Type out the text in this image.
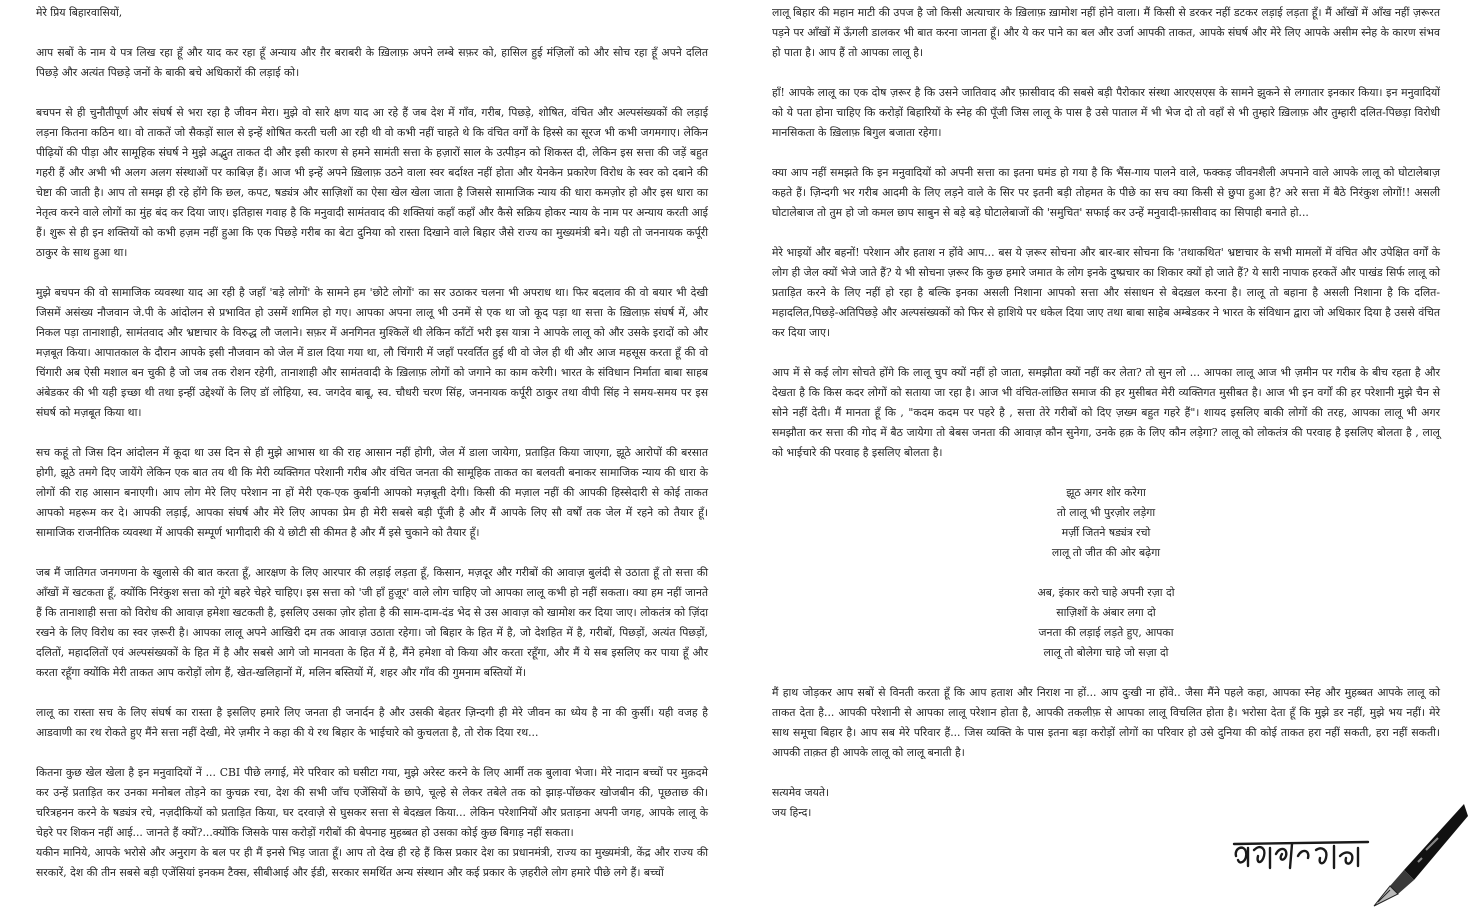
मेरे प्रिय बिहारवासियों,

आप सबों के नाम ये पत्र लिख रहा हूँ और याद कर रहा हूँ अन्याय और ग़ैर बराबरी के ख़िलाफ़ अपने लम्बे सफ़र को, हासिल हुई मंज़िलों को और सोच रहा हूँ अपने दलित पिछड़े और अत्यंत पिछड़े जनों के बाकी बचे अधिकारों की लड़ाई को।

बचपन से ही चुनौतीपूर्ण और संघर्ष से भरा रहा है जीवन मेरा। मुझे वो सारे क्षण याद आ रहे हैं जब देश में गाँव, गरीब, पिछड़े, शोषित, वंचित और अल्पसंख्यकों की लड़ाई लड़ना कितना कठिन था। वो ताकतें जो सैकड़ों साल से इन्हें शोषित करती चली आ रही थी वो कभी नहीं चाहते थे कि वंचित वर्गों के हिस्से का सूरज भी कभी जगमगाए। लेकिन पीढ़ियों की पीड़ा और सामूहिक संघर्ष ने मुझे अद्भुत ताकत दी और इसी कारण से हमने सामंती सत्ता के हज़ारों साल के उत्पीड़न को शिकस्त दी, लेकिन इस सत्ता की जड़ें बहुत गहरी हैं और अभी भी अलग अलग संस्थाओं पर काबिज़ हैं। आज भी इन्हें अपने ख़िलाफ़ उठने वाला स्वर बर्दाश्त नहीं होता और येनकेन प्रकारेण विरोध के स्वर को दबाने की चेष्टा की जाती है। आप तो समझ ही रहे होंगे कि छल, कपट, षड्यंत्र और साज़िशों का ऐसा खेल खेला जाता है जिससे सामाजिक न्याय की धारा कमज़ोर हो और इस धारा का नेतृत्व करने वाले लोगों का मुंह बंद कर दिया जाए। इतिहास गवाह है कि मनुवादी सामंतवाद की शक्तियां कहाँ कहाँ और कैसे सक्रिय होकर न्याय के नाम पर अन्याय करती आई हैं। शुरू से ही इन शक्तियों को कभी हज़म नहीं हुआ कि एक पिछड़े गरीब का बेटा दुनिया को रास्ता दिखाने वाले बिहार जैसे राज्य का मुख्यमंत्री बने। यही तो जननायक कर्पूरी ठाकुर के साथ हुआ था।

मुझे बचपन की वो सामाजिक व्यवस्था याद आ रही है जहाँ 'बड़े लोगों' के सामने हम 'छोटे लोगों' का सर उठाकर चलना भी अपराध था। फिर बदलाव की वो बयार भी देखी जिसमें असंख्य नौजवान जे.पी के आंदोलन से प्रभावित हो उसमें शामिल हो गए। आपका अपना लालू भी उनमें से एक था जो कूद पड़ा था सत्ता के ख़िलाफ़ संघर्ष में, और निकल पड़ा तानाशाही, सामंतवाद और भ्रष्टाचार के विरुद्ध लौ जलाने। सफ़र में अनगिनत मुश्किलें थी लेकिन काँटों भरी इस यात्रा ने आपके लालू को और उसके इरादों को और मज़बूत किया। आपातकाल के दौरान आपके इसी नौजवान को जेल में डाल दिया गया था, लौ चिंगारी में जहाँ परवर्तित हुई थी वो जेल ही थी और आज महसूस करता हूँ की वो चिंगारी अब ऐसी मशाल बन चुकी है जो जब तक रोशन रहेगी, तानाशाही और सामंतवादी के ख़िलाफ़ लोगों को जगाने का काम करेगी। भारत के संविधान निर्माता बाबा साहब अंबेडकर की भी यही इच्छा थी तथा इन्हीं उद्देश्यों के लिए डॉ लोहिया, स्व. जगदेव बाबू, स्व. चौधरी चरण सिंह, जननायक कर्पूरी ठाकुर तथा वीपी सिंह ने समय-समय पर इस संघर्ष को मज़बूत किया था।

सच कहूं तो जिस दिन आंदोलन में कूदा था उस दिन से ही मुझे आभास था की राह आसान नहीं होगी, जेल में डाला जायेगा, प्रताड़ित किया जाएगा, झूठे आरोपों की बरसात होगी, झूठे तमगे दिए जायेंगे लेकिन एक बात तय थी कि मेरी व्यक्तिगत परेशानी गरीब और वंचित जनता की सामूहिक ताकत का बलवती बनाकर सामाजिक न्याय की धारा के लोगों की राह आसान बनाएगी। आप लोग मेरे लिए परेशान ना हों मेरी एक-एक कुर्बानी आपको मज़बूती देगी। किसी की मज़ाल नहीं की आपकी हिस्सेदारी से कोई ताकत आपको महरूम कर दे। आपकी लड़ाई, आपका संघर्ष और मेरे लिए आपका प्रेम ही मेरी सबसे बड़ी पूँजी है और मैं आपके लिए सौ वर्षों तक जेल में रहने को तैयार हूँ। सामाजिक राजनीतिक व्यवस्था में आपकी सम्पूर्ण भागीदारी की ये छोटी सी कीमत है और मैं इसे चुकाने को तैयार हूँ।

जब मैं जातिगत जनगणना के खुलासे की बात करता हूँ, आरक्षण के लिए आरपार की लड़ाई लड़ता हूँ, किसान, मज़दूर और गरीबों की आवाज़ बुलंदी से उठाता हूँ तो सत्ता की आँखों में खटकता हूँ, क्योंकि निरंकुश सत्ता को गूंगे बहरे चेहरे चाहिए। इस सत्ता को 'जी हाँ हुज़ूर' वाले लोग चाहिए जो आपका लालू कभी हो नहीं सकता। क्या हम नहीं जानते हैं कि तानाशाही सत्ता को विरोध की आवाज़ हमेशा खटकती है, इसलिए उसका ज़ोर होता है की साम-दाम-दंड भेद से उस आवाज़ को खामोश कर दिया जाए। लोकतंत्र को ज़िंदा रखने के लिए विरोध का स्वर ज़रूरी है। आपका लालू अपने आखिरी दम तक आवाज़ उठाता रहेगा। जो बिहार के हित में है, जो देशहित में है, गरीबों, पिछड़ों, अत्यंत पिछड़ों, दलितों, महादलितों एवं अल्पसंख्यकों के हित में है और सबसे आगे जो मानवता के हित में है, मैंने हमेशा वो किया और करता रहूँगा, और मैं ये सब इसलिए कर पाया हूँ और करता रहूँगा क्योंकि मेरी ताकत आप करोड़ों लोग हैं, खेत-खलिहानों में, मलिन बस्तियों में, शहर और गाँव की गुमनाम बस्तियों में।

लालू का रास्ता सच के लिए संघर्ष का रास्ता है इसलिए हमारे लिए जनता ही जनार्दन है और उसकी बेहतर ज़िन्दगी ही मेरे जीवन का ध्येय है ना की कुर्सी। यही वजह है आडवाणी का रथ रोकते हुए मैंने सत्ता नहीं देखी, मेरे ज़मीर ने कहा की ये रथ बिहार के भाईचारे को कुचलता है, तो रोक दिया रथ...

कितना कुछ खेल खेला है इन मनुवादियों नें ... CBI पीछे लगाई, मेरे परिवार को घसीटा गया, मुझे अरेस्ट करने के लिए आर्मी तक बुलावा भेजा। मेरे नादान बच्चों पर मुक़दमे कर उन्हें प्रताड़ित कर उनका मनोबल तोड़ने का कुचक्र रचा, देश की सभी जाँच एजेंसियों के छापे, चूल्हे से लेकर तबेले तक को झाड़-पोंछकर खोजबीन की, पूछताछ की। चरित्रहनन करने के षड्यंत्र रचे, नज़दीकियों को प्रताड़ित किया, घर दरवाज़े से घुसकर सत्ता से बेदख़ल किया... लेकिन परेशानियों और प्रताड़ना अपनी जगह, आपके लालू के चेहरे पर शिकन नहीं आई... जानते हैं क्यों?...क्योंकि जिसके पास करोड़ों गरीबों की बेपनाह मुहब्बत हो उसका कोई कुछ बिगाड़ नहीं सकता।

यकीन मानिये, आपके भरोसे और अनुराग के बल पर ही मैं इनसे भिड़ जाता हूँ। आप तो देख ही रहे हैं किस प्रकार देश का प्रधानमंत्री, राज्य का मुख्यमंत्री, केंद्र और राज्य की सरकारें, देश की तीन सबसे बड़ी एजेंसियां इनकम टैक्स, सीबीआई और ईडी, सरकार समर्थित अन्य संस्थान और कई प्रकार के ज़हरीले लोग हमारे पीछे लगे हैं। बच्चों

लालू बिहार की महान माटी की उपज है जो किसी अत्याचार के ख़िलाफ़ ख़ामोश नहीं होने वाला। मैं किसी से डरकर नहीं डटकर लड़ाई लड़ता हूँ। मैं आँखों में आँख नहीं ज़रूरत पड़ने पर आँखों में ऊँगली डालकर भी बात करना जानता हूँ। और ये कर पाने का बल और उर्जा आपकी ताकत, आपके संघर्ष और मेरे लिए आपके असीम स्नेह के कारण संभव हो पाता है। आप हैं तो आपका लालू है।

हाँ! आपके लालू का एक दोष ज़रूर है कि उसने जातिवाद और फ़ासीवाद की सबसे बड़ी पैरोकार संस्था आरएसएस के सामने झुकने से लगातार इनकार किया। इन मनुवादियों को ये पता होना चाहिए कि करोड़ों बिहारियों के स्नेह की पूँजी जिस लालू के पास है उसे पाताल में भी भेज दो तो वहाँ से भी तुम्हारे ख़िलाफ़ और तुम्हारी दलित-पिछड़ा विरोधी मानसिकता के ख़िलाफ़ बिगुल बजाता रहेगा।

क्या आप नहीं समझते कि इन मनुवादियों को अपनी सत्ता का इतना घमंड हो गया है कि भैंस-गाय पालने वाले, फक्कड़ जीवनशैली अपनाने वाले आपके लालू को घोटालेबाज़ कहते हैं। ज़िन्दगी भर गरीब आदमी के लिए लड़ने वाले के सिर पर इतनी बड़ी तोहमत के पीछे का सच क्या किसी से छुपा हुआ है? अरे सत्ता में बैठे निरंकुश लोगों!! असली घोटालेबाज तो तुम हो जो कमल छाप साबुन से बड़े बड़े घोटालेबाजों की 'समुचित' सफाई कर उन्हें मनुवादी-फ़ासीवाद का सिपाही बनाते हो...

मेरे भाइयों और बहनों! परेशान और हताश न होंवे आप... बस ये ज़रूर सोचना और बार-बार सोचना कि 'तथाकथित' भ्रष्टाचार के सभी मामलों में वंचित और उपेक्षित वर्गों के लोग ही जेल क्यों भेजे जाते हैं? ये भी सोचना ज़रूर कि कुछ हमारे जमात के लोग इनके दुष्प्रचार का शिकार क्यों हो जाते हैं? ये सारी नापाक हरकतें और पाखंड सिर्फ लालू को प्रताड़ित करने के लिए नहीं हो रहा है बल्कि इनका असली निशाना आपको सत्ता और संसाधन से बेदख़ल करना है। लालू तो बहाना है असली निशाना है कि दलित-महादलित,पिछड़े-अतिपिछड़े और अल्पसंख्यकों को फिर से हाशिये पर धकेल दिया जाए तथा बाबा साहेब अम्बेडकर ने भारत के संविधान द्वारा जो अधिकार दिया है उससे वंचित कर दिया जाए।

आप में से कई लोग सोचते होंगे कि लालू चुप क्यों नहीं हो जाता, समझौता क्यों नहीं कर लेता? तो सुन लो ... आपका लालू आज भी ज़मीन पर गरीब के बीच रहता है और देखता है कि किस कदर लोगों को सताया जा रहा है। आज भी वंचित-लांछित समाज की हर मुसीबत मेरी व्यक्तिगत मुसीबत है। आज भी इन वर्गों की हर परेशानी मुझे चैन से सोने नहीं देती। मैं मानता हूँ कि , "कदम कदम पर पहरे है , सत्ता तेरे गरीबों को दिए ज़ख्म बहुत गहरे हैं"। शायद इसलिए बाकी लोगों की तरह, आपका लालू भी अगर समझौता कर सत्ता की गोद में बैठ जायेगा तो बेबस जनता की आवाज़ कौन सुनेगा, उनके हक़ के लिए कौन लड़ेगा? लालू को लोकतंत्र की परवाह है इसलिए बोलता है , लालू को भाईचारे की परवाह है इसलिए बोलता है।

झूठ अगर शोर करेगा
तो लालू भी पुरज़ोर लड़ेगा
मर्ज़ी जितने षड्यंत्र रचो
लालू तो जीत की ओर बढ़ेगा
अब, इंकार करो चाहे अपनी रज़ा दो
साज़िशों के अंबार लगा दो
जनता की लड़ाई लड़ते हुए, आपका
लालू तो बोलेगा चाहे जो सज़ा दो

मैं हाथ जोड़कर आप सबों से विनती करता हूँ कि आप हताश और निराश ना हों... आप दुःखी ना होंवे.. जैसा मैंने पहले कहा, आपका स्नेह और मुहब्बत आपके लालू को ताकत देता है... आपकी परेशानी से आपका लालू परेशान होता है, आपकी तकलीफ़ से आपका लालू विचलित होता है। भरोसा देता हूँ कि मुझे डर नहीं, मुझे भय नहीं। मेरे साथ समूचा बिहार है। आप सब मेरे परिवार हैं... जिस व्यक्ति के पास इतना बड़ा करोड़ों लोगों का परिवार हो उसे दुनिया की कोई ताकत हरा नहीं सकती, हरा नहीं सकती। आपकी ताक़त ही आपके लालू को लालू बनाती है।

सत्यमेव जयते।

जय हिन्द।
